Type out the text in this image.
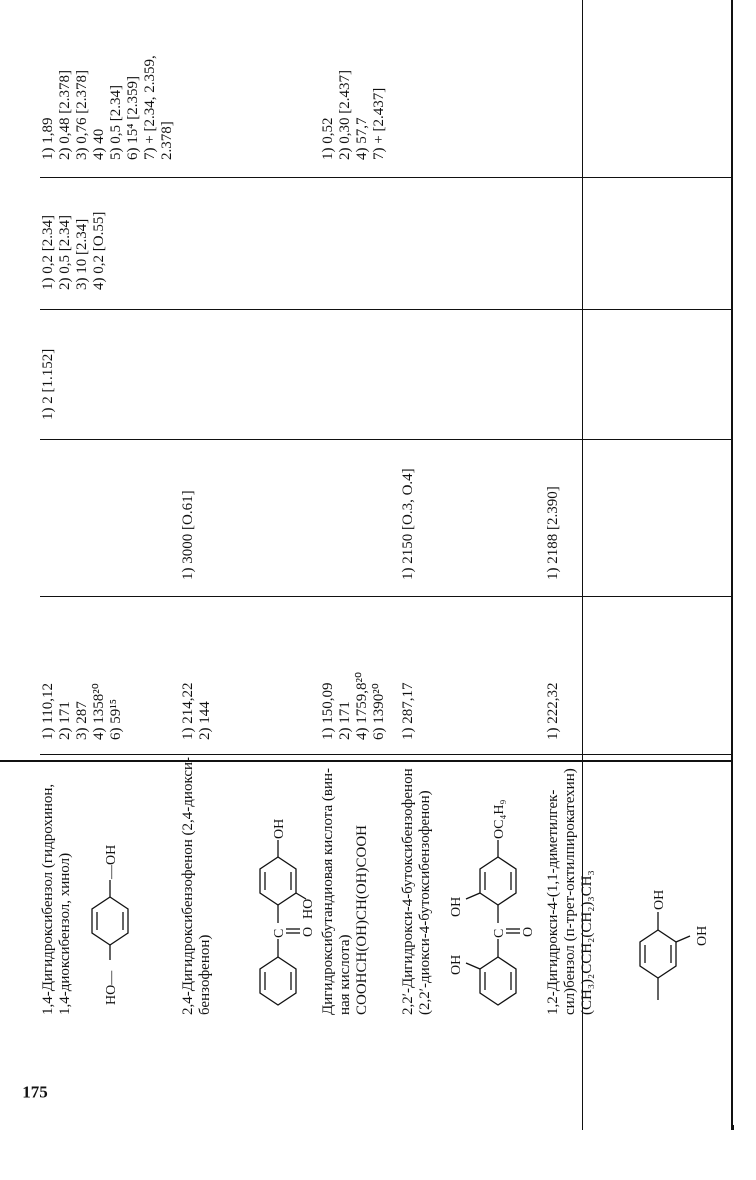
175
1,4-Дигидроксибензол (гидрохинон, 1,4-диоксибензол, хинол) HO—
—OH
1) 110,12 2) 171 3) 287 4) 1358²⁰ 6) 59¹⁵
1) 2 [1.152]
1) 0,2 [2.34] 2) 0,5 [2.34] 3) 10 [2.34] 4) 0,2 [O.55]
1) 1,89 2) 0,48 [2.378] 3) 0,76 [2.378] 4) 40 5) 0,5 [2.34] 6) 15⁴ [2.359] 7) + [2.34, 2.359, 2.378]
2,4-Дигидроксибензофенон (2,4-диокси- бензофенон)
C O
HO
OH
1) 214,22 2) 144
1) 3000 [O.61]
Дигидроксибутандиовая кислота (вин- ная кислота) COOHCH(OH)CH(OH)COOH
1) 150,09 2) 171 4) 1759,8²⁰ 6) 1390²⁰
1) 0,52 2) 0,30 [2.437] 4) 57,7 7) + [2.437]
2,2′-Дигидрокси-4-бутоксибензофенон (2,2′-диокси-4-бутоксибензофенон) OH
C O
OH
OC₄H₉
1) 287,17
1) 2150 [O.3, O.4]
1,2-Дигидрокси-4-(1,1-диметилгек- сил)бензол (п-трет-октилпирокатехин) (CH₃)₂CCH₂(CH₂)₃CH₃	OH
OH
1) 222,32
1) 2188 [2.390]
